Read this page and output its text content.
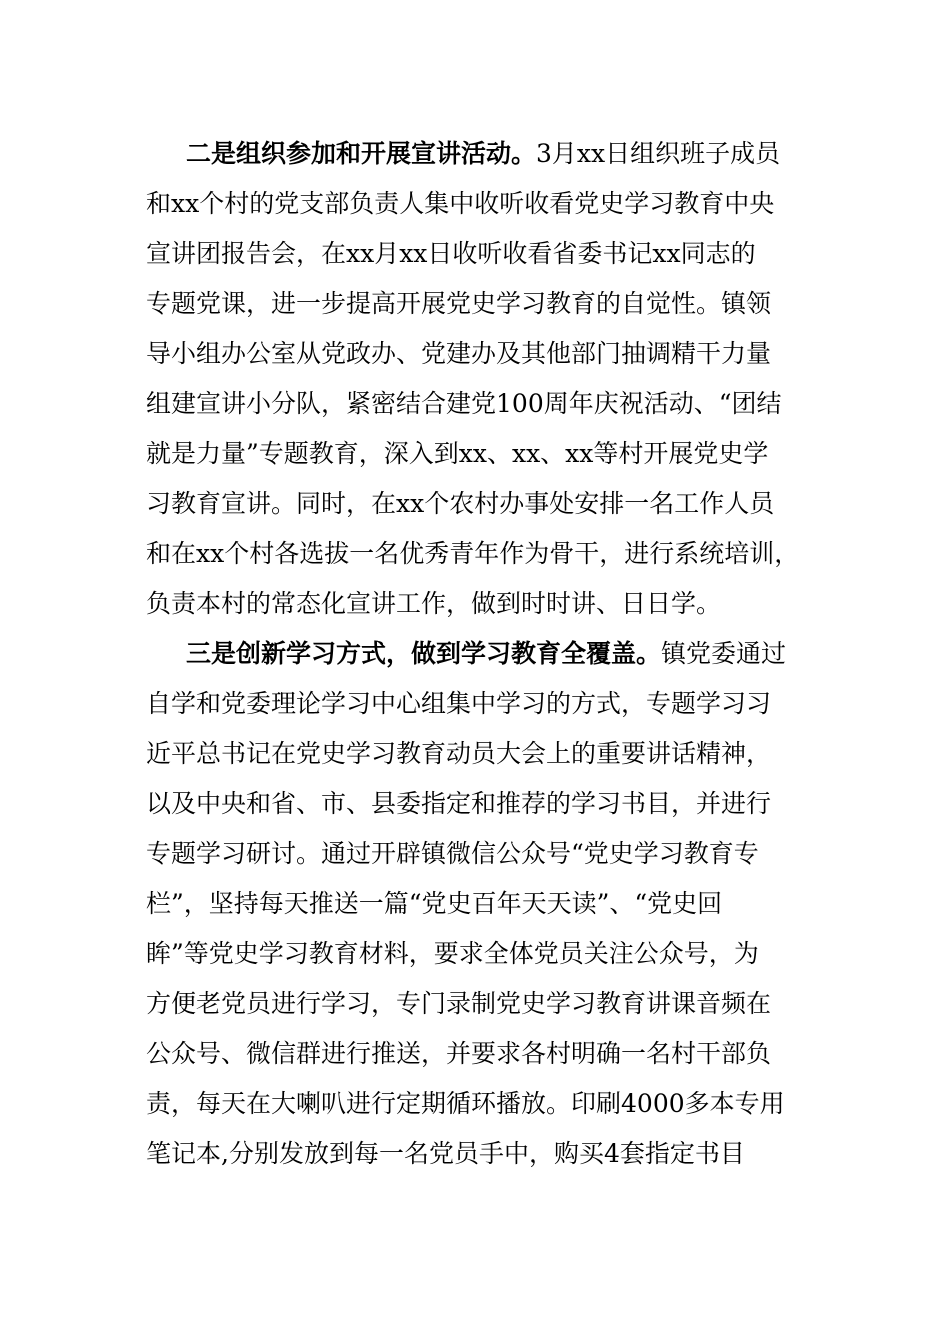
二是组织参加和开展宣讲活动。3月xx日组织班子成员
和xx个村的党支部负责人集中收听收看党史学习教育中央
宣讲团报告会，在xx月xx日收听收看省委书记xx同志的
专题党课，进一步提高开展党史学习教育的自觉性。镇领
导小组办公室从党政办、党建办及其他部门抽调精干力量
组建宣讲小分队，紧密结合建党100周年庆祝活动、“团结
就是力量”专题教育，深入到xx、xx、xx等村开展党史学
习教育宣讲。同时，在xx个农村办事处安排一名工作人员
和在xx个村各选拔一名优秀青年作为骨干，进行系统培训，
负责本村的常态化宣讲工作，做到时时讲、日日学。
三是创新学习方式，做到学习教育全覆盖。镇党委通过
自学和党委理论学习中心组集中学习的方式，专题学习习
近平总书记在党史学习教育动员大会上的重要讲话精神，
以及中央和省、市、县委指定和推荐的学习书目，并进行
专题学习研讨。通过开辟镇微信公众号“党史学习教育专
栏”，坚持每天推送一篇“党史百年天天读”、“党史回
眸”等党史学习教育材料，要求全体党员关注公众号，为
方便老党员进行学习，专门录制党史学习教育讲课音频在
公众号、微信群进行推送，并要求各村明确一名村干部负
责，每天在大喇叭进行定期循环播放。印刷4000多本专用
笔记本,分别发放到每一名党员手中，购买4套指定书目
